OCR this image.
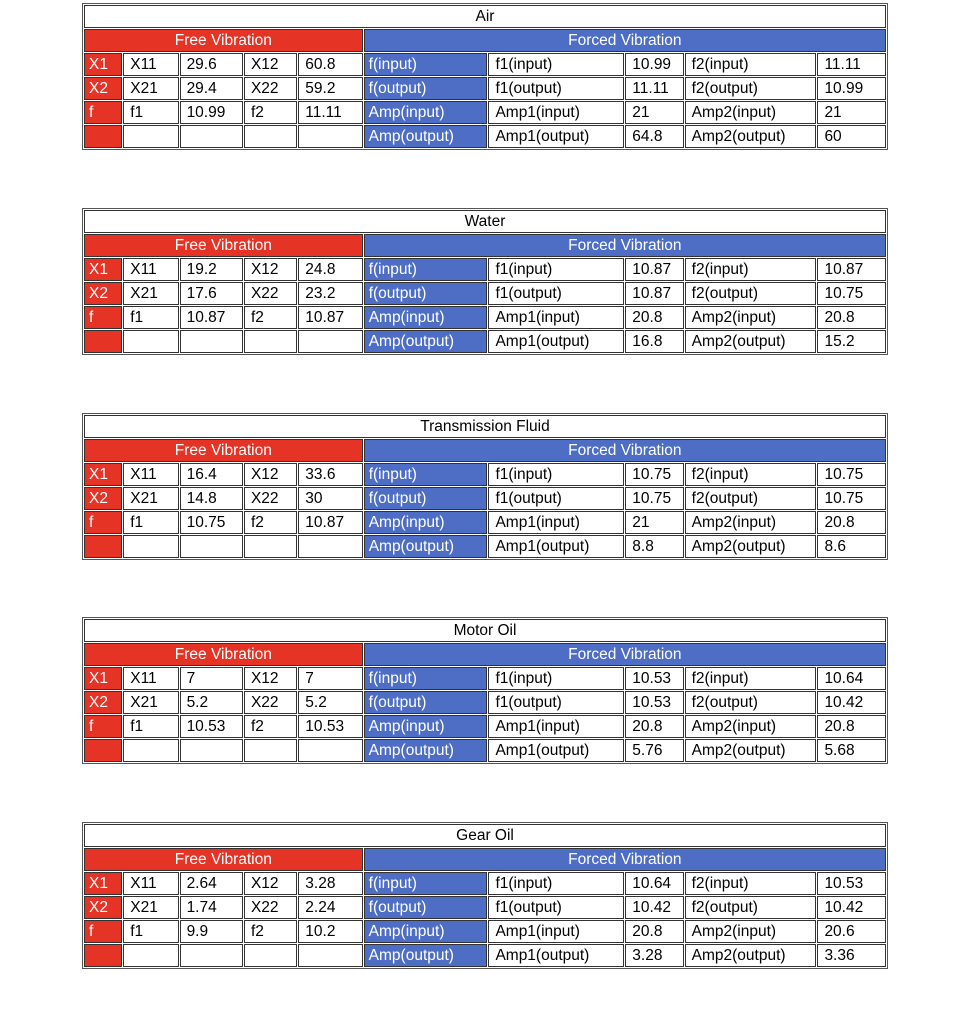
Air									
Free Vibration					Forced Vibration				
X1	X11	29.6	X12	60.8	f(input)	f1(input)	10.99	f2(input)	11.11
X2	X21	29.4	X22	59.2	f(output)	f1(output)	11.11	f2(output)	10.99
f	f1	10.99	f2	11.11	Amp(input)	Amp1(input)	21	Amp2(input)	21
					Amp(output)	Amp1(output)	64.8	Amp2(output)	60
Water									
Free Vibration					Forced Vibration				
X1	X11	19.2	X12	24.8	f(input)	f1(input)	10.87	f2(input)	10.87
X2	X21	17.6	X22	23.2	f(output)	f1(output)	10.87	f2(output)	10.75
f	f1	10.87	f2	10.87	Amp(input)	Amp1(input)	20.8	Amp2(input)	20.8
					Amp(output)	Amp1(output)	16.8	Amp2(output)	15.2
Transmission Fluid									
Free Vibration					Forced Vibration				
X1	X11	16.4	X12	33.6	f(input)	f1(input)	10.75	f2(input)	10.75
X2	X21	14.8	X22	30	f(output)	f1(output)	10.75	f2(output)	10.75
f	f1	10.75	f2	10.87	Amp(input)	Amp1(input)	21	Amp2(input)	20.8
					Amp(output)	Amp1(output)	8.8	Amp2(output)	8.6
Motor Oil									
Free Vibration					Forced Vibration				
X1	X11	7	X12	7	f(input)	f1(input)	10.53	f2(input)	10.64
X2	X21	5.2	X22	5.2	f(output)	f1(output)	10.53	f2(output)	10.42
f	f1	10.53	f2	10.53	Amp(input)	Amp1(input)	20.8	Amp2(input)	20.8
					Amp(output)	Amp1(output)	5.76	Amp2(output)	5.68
Gear Oil									
Free Vibration					Forced Vibration				
X1	X11	2.64	X12	3.28	f(input)	f1(input)	10.64	f2(input)	10.53
X2	X21	1.74	X22	2.24	f(output)	f1(output)	10.42	f2(output)	10.42
f	f1	9.9	f2	10.2	Amp(input)	Amp1(input)	20.8	Amp2(input)	20.6
					Amp(output)	Amp1(output)	3.28	Amp2(output)	3.36
